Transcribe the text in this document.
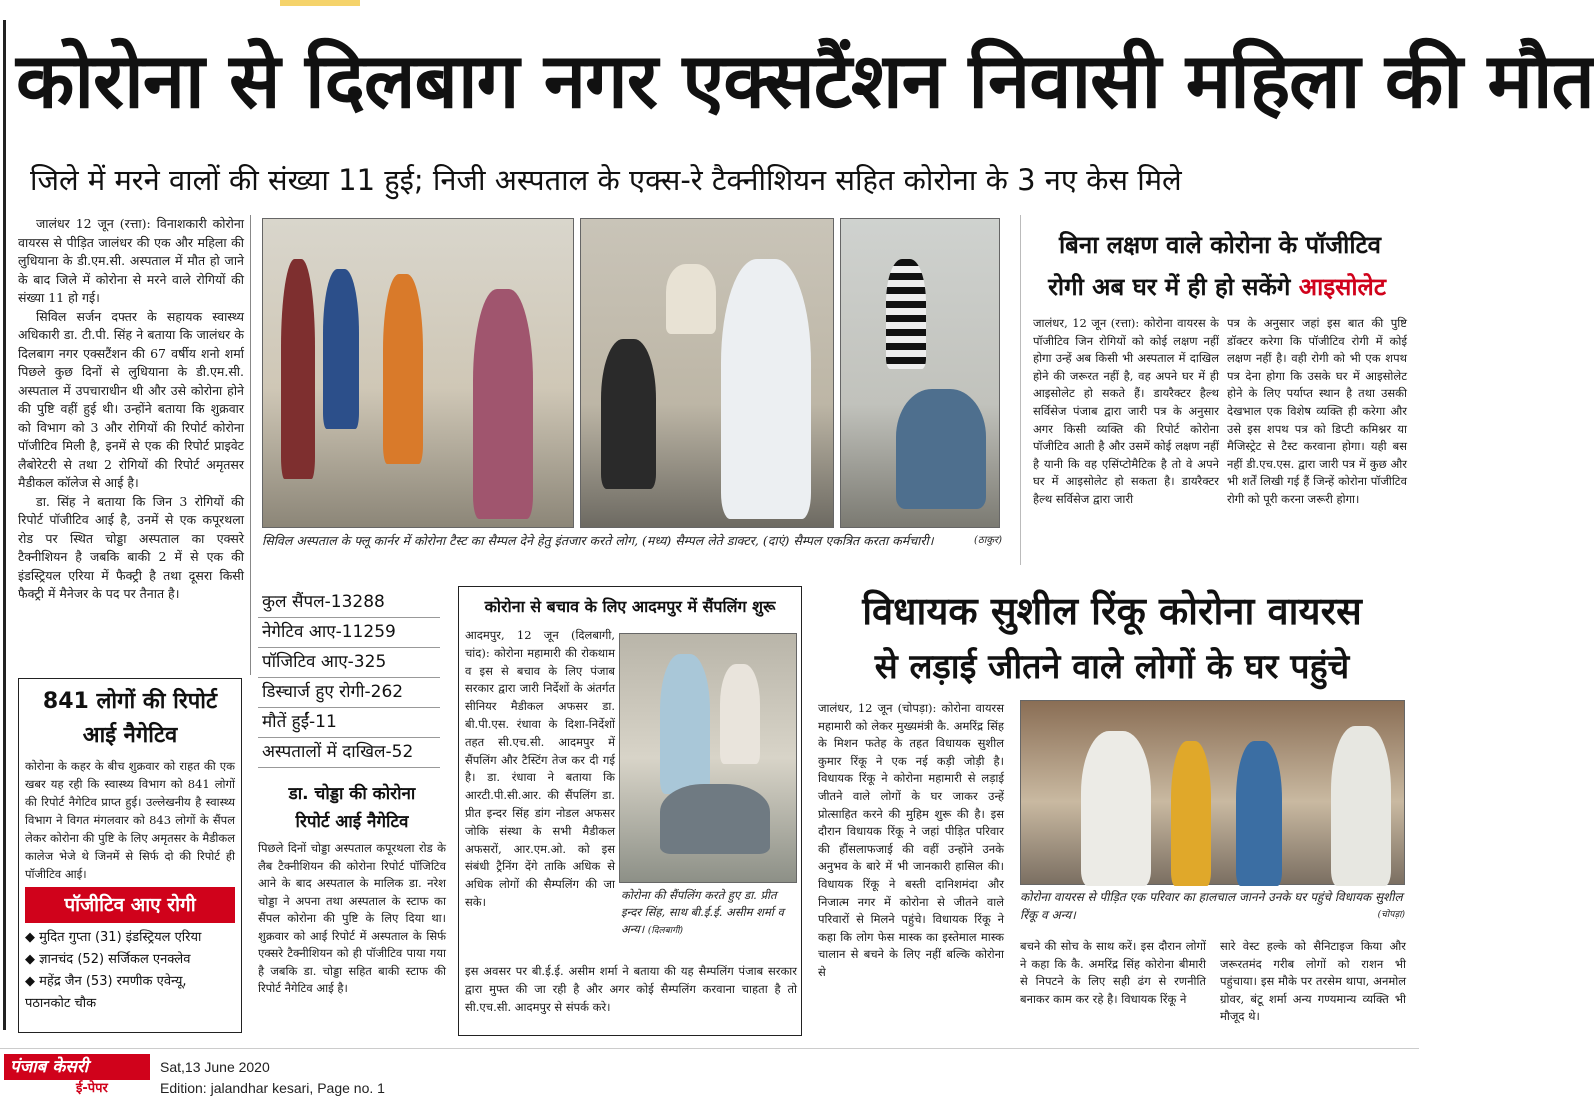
कोरोना से दिलबाग नगर एक्सटैंशन निवासी महिला की मौत
जिले में मरने वालों की संख्या 11 हुई; निजी अस्पताल के एक्स-रे टैक्नीशियन सहित कोरोना के 3 नए केस मिले

जालंधर 12 जून (रत्ता): विनाशकारी कोरोना वायरस से पीड़ित जालंधर की एक और महिला की लुधियाना के डी.एम.सी. अस्पताल में मौत हो जाने के बाद जिले में कोरोना से मरने वाले रोगियों की संख्या 11 हो गई।

सिविल सर्जन दफ्तर के सहायक स्वास्थ्य अधिकारी डा. टी.पी. सिंह ने बताया कि जालंधर के दिलबाग नगर एक्सटैंशन की 67 वर्षीय शनो शर्मा पिछले कुछ दिनों से लुधियाना के डी.एम.सी. अस्पताल में उपचाराधीन थी और उसे कोरोना होने की पुष्टि वहीं हुई थी। उन्होंने बताया कि शुक्रवार को विभाग को 3 और रोगियों की रिपोर्ट कोरोना पॉजीटिव मिली है, इनमें से एक की रिपोर्ट प्राइवेट लैबोरेटरी से तथा 2 रोगियों की रिपोर्ट अमृतसर मैडीकल कॉलेज से आई है।

डा. सिंह ने बताया कि जिन 3 रोगियों की रिपोर्ट पॉजीटिव आई है, उनमें से एक कपूरथला रोड पर स्थित चोड्डा अस्पताल का एक्सरे टैक्नीशियन है जबकि बाकी 2 में से एक की इंडस्ट्रियल एरिया में फैक्ट्री है तथा दूसरा किसी फैक्ट्री में मैनेजर के पद पर तैनात है।

सिविल अस्पताल के फ्लू कार्नर में कोरोना टैस्ट का सैम्पल देने हेतु इंतजार करते लोग, (मध्य) सैम्पल लेते डाक्टर, (दाएं) सैम्पल एकत्रित करता कर्मचारी।	(ठाकुर)
बिना लक्षण वाले कोरोना के पॉजीटिव
रोगी अब घर में ही हो सकेंगे आइसोलेट
जालंधर, 12 जून (रत्ता): कोरोना वायरस के पॉजीटिव जिन रोगियों को कोई लक्षण नहीं होगा उन्हें अब किसी भी अस्पताल में दाखिल होने की जरूरत नहीं है, वह अपने घर में ही आइसोलेट हो सकते हैं। डायरैक्टर हैल्थ सर्विसेज पंजाब द्वारा जारी पत्र के अनुसार अगर किसी व्यक्ति की रिपोर्ट कोरोना पॉजीटिव आती है और उसमें कोई लक्षण नहीं है यानी कि वह एसिंप्टोमैटिक है तो वे अपने घर में आइसोलेट हो सकता है। डायरैक्टर हैल्थ सर्विसेज द्वारा जारी
पत्र के अनुसार जहां इस बात की पुष्टि डॉक्टर करेगा कि पॉजीटिव रोगी में कोई लक्षण नहीं है। वही रोगी को भी एक शपथ पत्र देना होगा कि उसके घर में आइसोलेट होने के लिए पर्याप्त स्थान है तथा उसकी देखभाल एक विशेष व्यक्ति ही करेगा और उसे इस शपथ पत्र को डिप्टी कमिश्नर या मैजिस्ट्रेट से टैस्ट करवाना होगा। यही बस नहीं डी.एच.एस. द्वारा जारी पत्र में कुछ और भी शर्तें लिखी गई हैं जिन्हें कोरोना पॉजीटिव रोगी को पूरी करना जरूरी होगा।
कुल सैंपल-13288
नेगेटिव आए-11259
पॉजिटिव आए-325
डिस्चार्ज हुए रोगी-262
मौतें हुईं-11
अस्पतालों में दाखिल-52
डा. चोड्डा की कोरोना
रिपोर्ट आई नैगेटिव
पिछले दिनों चोड्डा अस्पताल कपूरथला रोड के लैब टैक्नीशियन की कोरोना रिपोर्ट पॉजिटिव आने के बाद अस्पताल के मालिक डा. नरेश चोड्डा ने अपना तथा अस्पताल के स्टाफ का सैंपल कोरोना की पुष्टि के लिए दिया था। शुक्रवार को आई रिपोर्ट में अस्पताल के सिर्फ एक्सरे टैक्नीशियन को ही पॉजीटिव पाया गया है जबकि डा. चोड्डा सहित बाकी स्टाफ की रिपोर्ट नैगेटिव आई है।
841 लोगों की रिपोर्ट
आई नैगेटिव
कोरोना के कहर के बीच शुक्रवार को राहत की एक खबर यह रही कि स्वास्थ्य विभाग को 841 लोगों की रिपोर्ट नैगेटिव प्राप्त हुई। उल्लेखनीय है स्वास्थ्य विभाग ने विगत मंगलवार को 843 लोगों के सैंपल लेकर कोरोना की पुष्टि के लिए अमृतसर के मैडीकल कालेज भेजे थे जिनमें से सिर्फ दो की रिपोर्ट ही पॉजीटिव आई।
पॉजीटिव आए रोगी
◆ मुदित गुप्ता (31) इंडस्ट्रियल एरिया
◆ ज्ञानचंद (52) सर्जिकल एनक्लेव
◆ महेंद्र जैन (53) रमणीक एवेन्यू, पठानकोट चौक
कोरोना से बचाव के लिए आदमपुर में सैंपलिंग शुरू
आदमपुर, 12 जून (दिलबागी, चांद): कोरोना महामारी की रोकथाम व इस से बचाव के लिए पंजाब सरकार द्वारा जारी निर्देशों के अंतर्गत सीनियर मैडीकल अफसर डा. बी.पी.एस. रंधावा के दिशा-निर्देशों तहत सी.एच.सी. आदमपुर में सैंपलिंग और टैस्टिंग तेज कर दी गई है। डा. रंधावा ने बताया कि आरटी.पी.सी.आर. की सैंपलिंग डा. प्रीत इन्दर सिंह डांग नोडल अफसर जोकि संस्था के सभी मैडीकल अफसरों, आर.एम.ओ. को इस संबंधी ट्रैनिंग देंगे ताकि अधिक से अधिक लोगों की सैम्पलिंग की जा सके।	कोरोना की सैंपलिंग करते हुए डा. प्रीत इन्दर सिंह, साथ बी.ई.ई. असीम शर्मा व अन्य। (दिलबागी)
इस अवसर पर बी.ई.ई. असीम शर्मा ने बताया की यह सैम्पलिंग पंजाब सरकार द्वारा मुफ्त की जा रही है और अगर कोई सैम्पलिंग करवाना चाहता है तो सी.एच.सी. आदमपुर से संपर्क करे।
विधायक सुशील रिंकू कोरोना वायरस
से लड़ाई जीतने वाले लोगों के घर पहुंचे
जालंधर, 12 जून (चोपड़ा): कोरोना वायरस महामारी को लेकर मुख्यमंत्री कै. अमरिंद्र सिंह के मिशन फतेह के तहत विधायक सुशील कुमार रिंकू ने एक नई कड़ी जोड़ी है। विधायक रिंकू ने कोरोना महामारी से लड़ाई जीतने वाले लोगों के घर जाकर उन्हें प्रोत्साहित करने की मुहिम शुरू की है। इस दौरान विधायक रिंकू ने जहां पीड़ित परिवार की हौंसलाफजाई की वहीं उन्होंने उनके अनुभव के बारे में भी जानकारी हासिल की। विधायक रिंकू ने बस्ती दानिशमंदा और निजात्म नगर में कोरोना से जीतने वाले परिवारों से मिलने पहुंचे। विधायक रिंकू ने कहा कि लोग फेस मास्क का इस्तेमाल मास्क चालान से बचने के लिए नहीं बल्कि कोरोना से
कोरोना वायरस से पीड़ित एक परिवार का हालचाल जानने उनके घर पहुंचे विधायक सुशील रिंकू व अन्य।	(चोपड़ा)
बचने की सोच के साथ करें। इस दौरान लोगों ने कहा कि कै. अमरिंद्र सिंह कोरोना बीमारी से निपटने के लिए सही ढंग से रणनीति बनाकर काम कर रहे है। विधायक रिंकू ने
सारे वेस्ट हल्के को सैनिटाइज किया और जरूरतमंद गरीब लोगों को राशन भी पहुंचाया। इस मौके पर तरसेम थापा, अनमोल ग्रोवर, बंटू शर्मा अन्य गण्यमान्य व्यक्ति भी मौजूद थे।
पंजाब केसरी
ई-पेपर
Sat,13 June 2020
Edition: jalandhar kesari, Page no. 1
